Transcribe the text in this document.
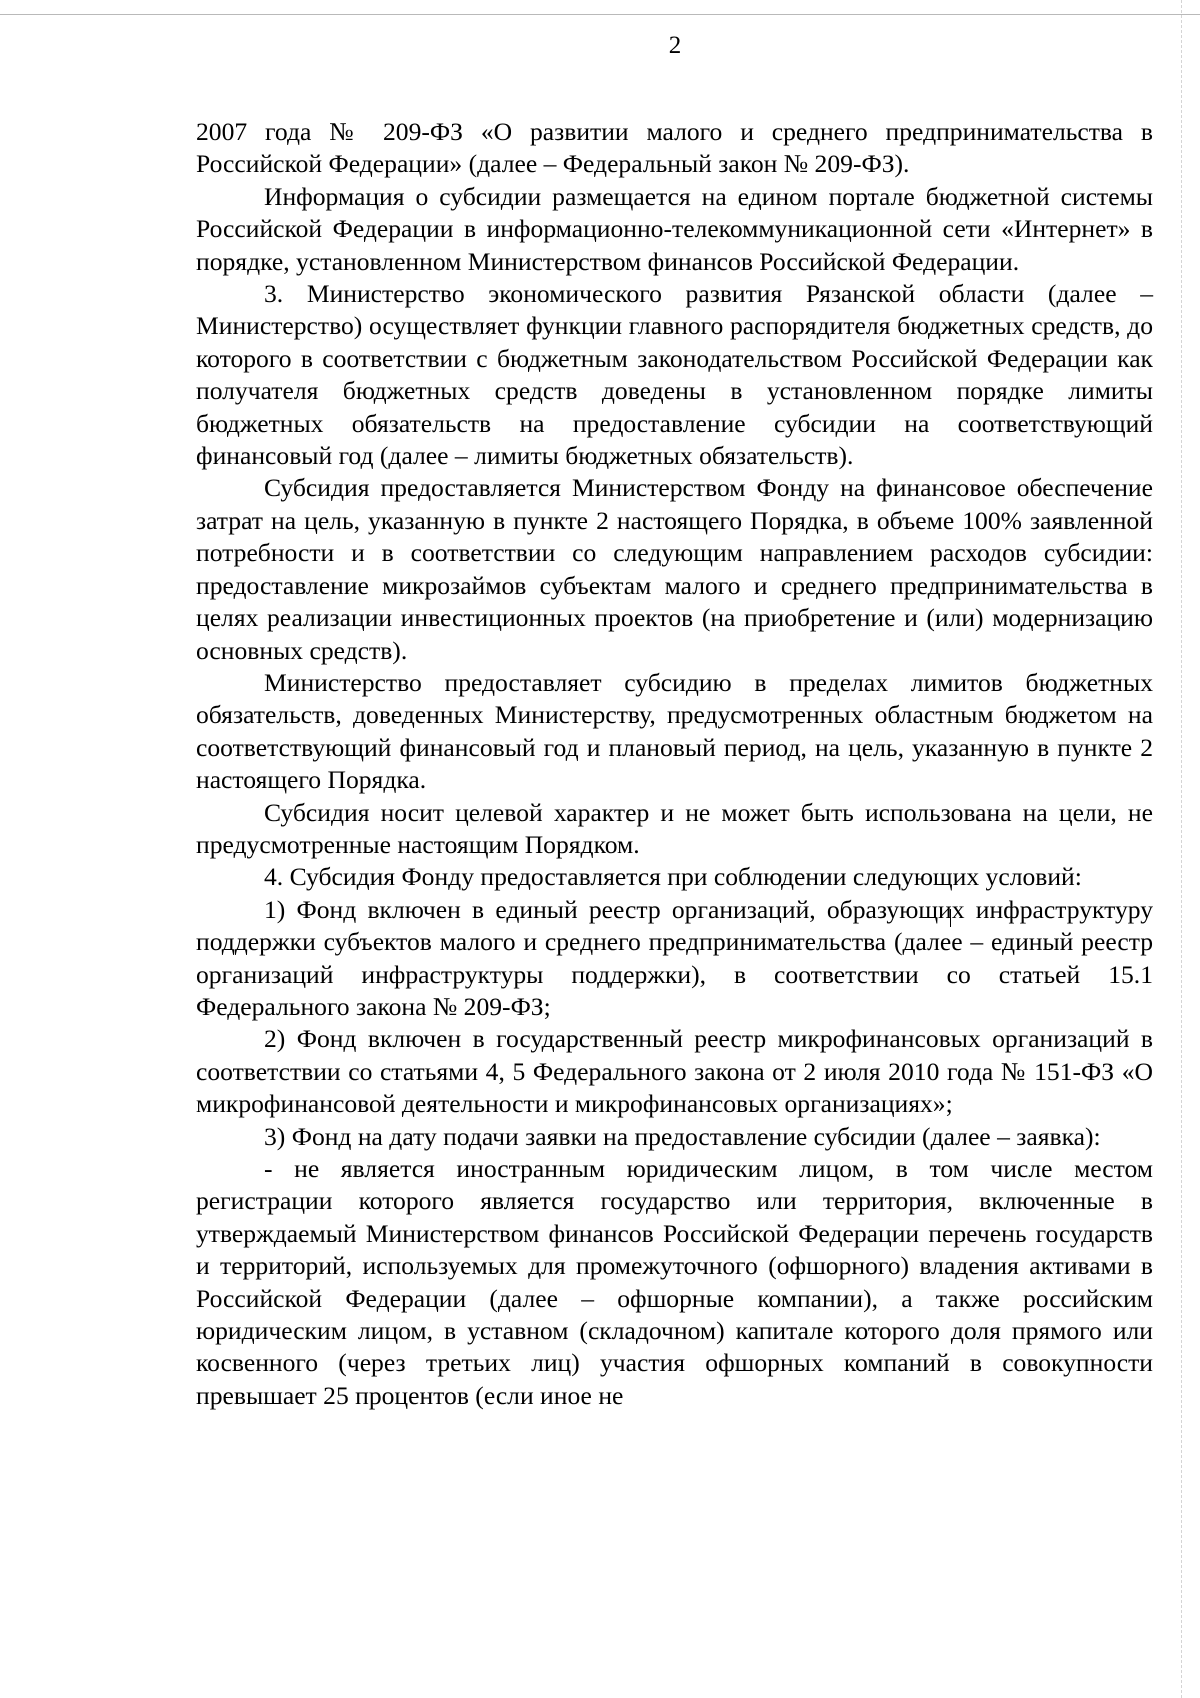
2

2007 года № 209-ФЗ «О развитии малого и среднего предпринимательства в Российской Федерации» (далее – Федеральный закон № 209-ФЗ).

Информация о субсидии размещается на едином портале бюджетной системы Российской Федерации в информационно-телекоммуникационной сети «Интернет» в порядке, установленном Министерством финансов Российской Федерации.

3. Министерство экономического развития Рязанской области (далее – Министерство) осуществляет функции главного распорядителя бюджетных средств, до которого в соответствии с бюджетным законодательством Российской Федерации как получателя бюджетных средств доведены в установленном порядке лимиты бюджетных обязательств на предоставление субсидии на соответствующий финансовый год (далее – лимиты бюджетных обязательств).

Субсидия предоставляется Министерством Фонду на финансовое обеспечение затрат на цель, указанную в пункте 2 настоящего Порядка, в объеме 100% заявленной потребности и в соответствии со следующим направлением расходов субсидии: предоставление микрозаймов субъектам малого и среднего предпринимательства в целях реализации инвестиционных проектов (на приобретение и (или) модернизацию основных средств).

Министерство предоставляет субсидию в пределах лимитов бюджетных обязательств, доведенных Министерству, предусмотренных областным бюджетом на соответствующий финансовый год и плановый период, на цель, указанную в пункте 2 настоящего Порядка.

Субсидия носит целевой характер и не может быть использована на цели, не предусмотренные настоящим Порядком.

4. Субсидия Фонду предоставляется при соблюдении следующих условий:

1) Фонд включен в единый реестр организаций, образующих инфраструктуру поддержки субъектов малого и среднего предпринимательства (далее – единый реестр организаций инфраструктуры поддержки), в соответствии со статьей 15.1 Федерального закона № 209-ФЗ;

2) Фонд включен в государственный реестр микрофинансовых организаций в соответствии со статьями 4, 5 Федерального закона от 2 июля 2010 года № 151-ФЗ «О микрофинансовой деятельности и микрофинансовых организациях»;

3) Фонд на дату подачи заявки на предоставление субсидии (далее – заявка):

- не является иностранным юридическим лицом, в том числе местом регистрации которого является государство или территория, включенные в утверждаемый Министерством финансов Российской Федерации перечень государств и территорий, используемых для промежуточного (офшорного) владения активами в Российской Федерации (далее – офшорные компании), а также российским юридическим лицом, в уставном (складочном) капитале которого доля прямого или косвенного (через третьих лиц) участия офшорных компаний в совокупности превышает 25 процентов (если иное не
